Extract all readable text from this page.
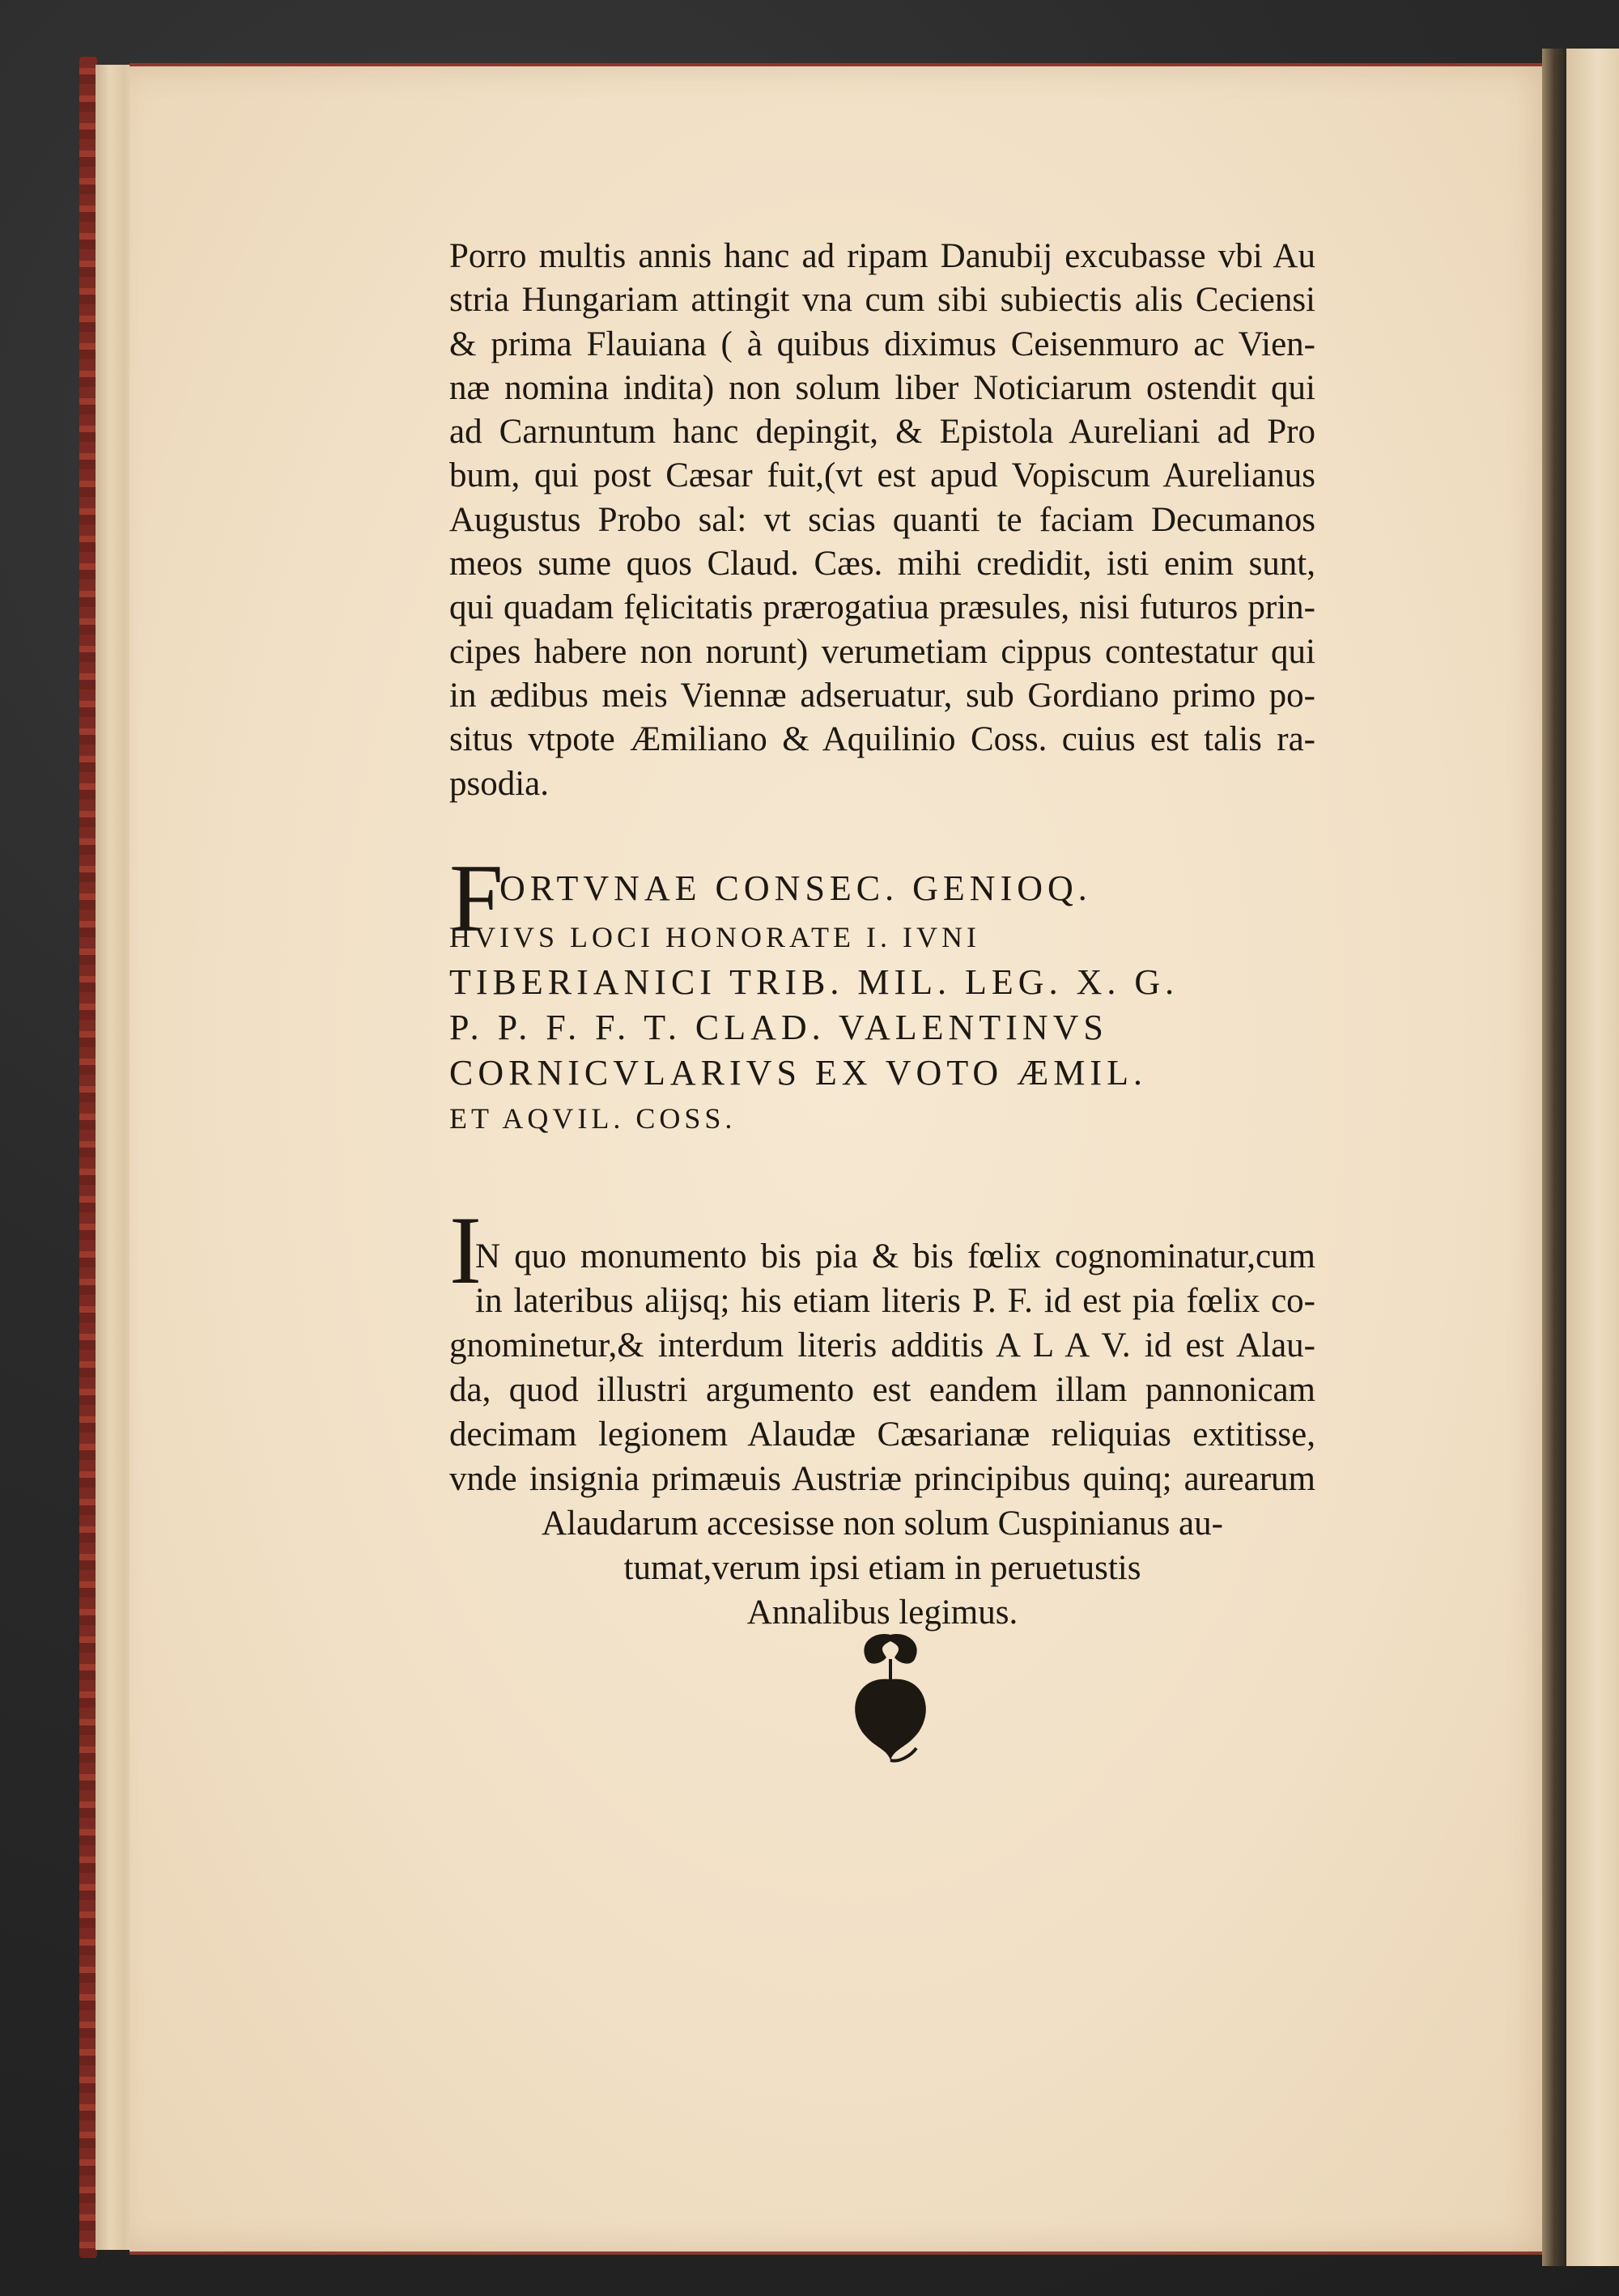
Porro multis annis hanc ad ripam Danubij excubasse vbi Au
stria Hungariam attingit vna cum sibi subiectis alis Ceciensi
& prima Flauiana ( à quibus diximus Ceisenmuro ac Vien-
næ nomina indita) non solum liber Noticiarum ostendit qui
ad Carnuntum hanc depingit, & Epistola Aureliani ad Pro
bum, qui post Cæsar fuit,(vt est apud Vopiscum Aurelianus
Augustus Probo sal: vt scias quanti te faciam Decumanos
meos sume quos Claud. Cæs. mihi credidit, isti enim sunt,
qui quadam fęlicitatis prærogatiua præsules, nisi futuros prin-
cipes habere non norunt) verumetiam cippus contestatur qui
in ædibus meis Viennæ adseruatur, sub Gordiano primo po-
situs vtpote Æmiliano & Aquilinio Coss. cuius est talis ra-
psodia.
F
ORTVNAE CONSEC. GENIOQ.
HVIVS LOCI HONORATE I. IVNI
TIBERIANICI TRIB. MIL. LEG. X. G.
P. P. F. F. T. CLAD. VALENTINVS
CORNICVLARIVS EX VOTO ÆMIL.
ET AQVIL. COSS.
I
N quo monumento bis pia & bis fœlix cognominatur,cum
in lateribus alijsq; his etiam literis P. F. id est pia fœlix co-
gnominetur,& interdum literis additis A L A V. id est Alau-
da, quod illustri argumento est eandem illam pannonicam
decimam legionem Alaudæ Cæsarianæ reliquias extitisse,
vnde insignia primæuis Austriæ principibus quinq; aurearum
Alaudarum accesisse non solum Cuspinianus au-
tumat,verum ipsi etiam in peruetustis
Annalibus legimus.
